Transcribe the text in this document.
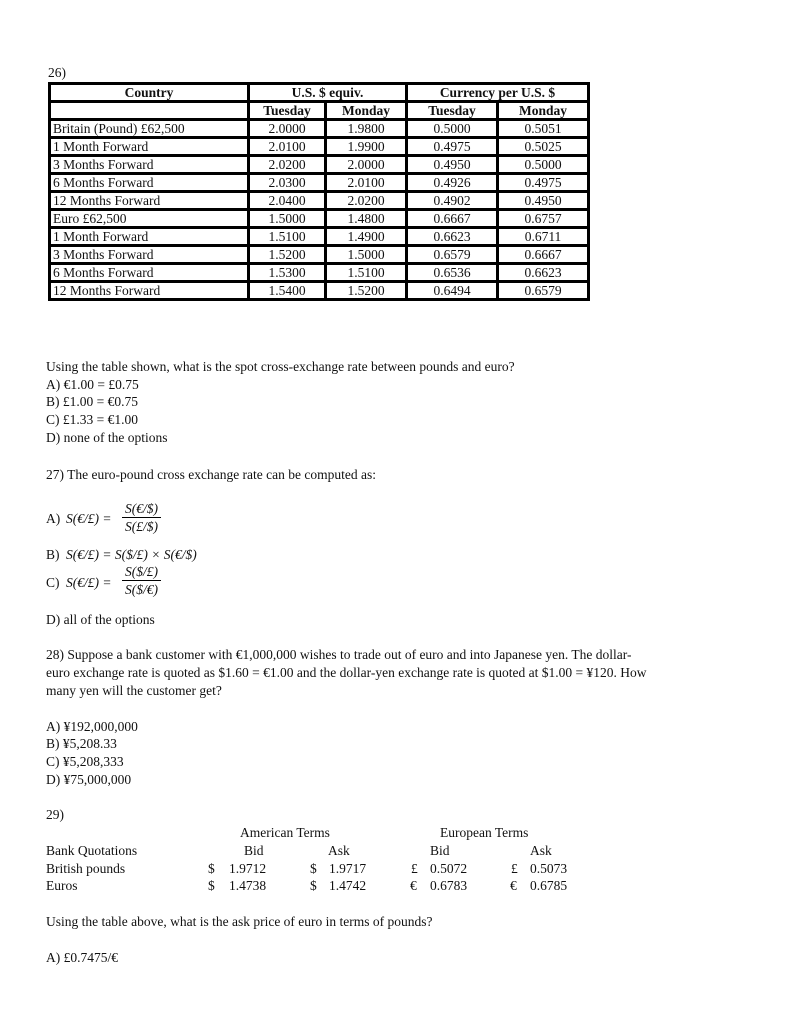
26)
Country	U.S. $ equiv.		Currency per U.S. $	
	Tuesday	Monday	Tuesday	Monday
Britain (Pound) £62,500	2.0000	1.9800	0.5000	0.5051
1 Month Forward	2.0100	1.9900	0.4975	0.5025
3 Months Forward	2.0200	2.0000	0.4950	0.5000
6 Months Forward	2.0300	2.0100	0.4926	0.4975
12 Months Forward	2.0400	2.0200	0.4902	0.4950
Euro £62,500	1.5000	1.4800	0.6667	0.6757
1 Month Forward	1.5100	1.4900	0.6623	0.6711
3 Months Forward	1.5200	1.5000	0.6579	0.6667
6 Months Forward	1.5300	1.5100	0.6536	0.6623
12 Months Forward	1.5400	1.5200	0.6494	0.6579
Using the table shown, what is the spot cross-exchange rate between pounds and euro?
A) €1.00 = £0.75
B) £1.00 = €0.75
C) £1.33 = €1.00
D) none of the options
27) The euro-pound cross exchange rate can be computed as:
A) S(€/£) = $\frac{S(€/\$)}{S(£/\$)}$
B) S(€/£) = S($/£) × S(€/$)
C) S(€/£) = $\frac{S(\$/£)}{S(\$/€)}$
D) all of the options
28) Suppose a bank customer with €1,000,000 wishes to trade out of euro and into Japanese yen. The dollar-
euro exchange rate is quoted as $1.60 = €1.00 and the dollar-yen exchange rate is quoted at $1.00 = ¥120. How
many yen will the customer get?
A) ¥192,000,000
B) ¥5,208.33
C) ¥5,208,333
D) ¥75,000,000
29)
American Terms	European Terms
Bank Quotations	Bid	Ask	Bid	Ask
British pounds	$ 1.9712	$ 1.9717	£ 0.5072	£ 0.5073
Euros	$ 1.4738	$ 1.4742	€ 0.6783	€ 0.6785
Using the table above, what is the ask price of euro in terms of pounds?
A) £0.7475/€
